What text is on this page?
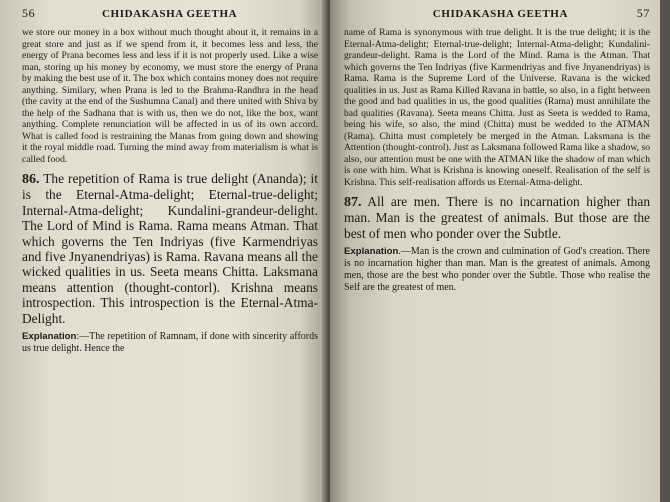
56	CHIDAKASHA GEETHA

we store our money in a box without much thought about it, it remains in a great store and just as if we spend from it, it becomes less and less, the energy of Prana becomes less and less if it is not properly used. Like a wise man, storing up his money by economy, we must store the energy of Prana by making the best use of it. The box which contains money does not require anything. Similary, when Prana is led to the Brahma-Randhra in the head (the cavity at the end of the Sushumna Canal) and there united with Shiva by the help of the Sadhana that is with us, then we do not, like the box, want anything. Complete renunciation will be affected in us of its own accord. What is called food is restraining the Manas from going down and showing it the royal middle road. Turning the mind away from materialism is what is called food.

86. The repetition of Rama is true delight (Ananda); it is the Eternal-Atma-delight; Eternal-true-delight; Internal-Atma-delight; Kundalini-grandeur-delight. The Lord of Mind is Rama. Rama means Atman. That which governs the Ten Indriyas (five Karmendriyas and five Jnyanendriyas) is Rama. Ravana means all the wicked qualities in us. Seeta means Chitta. Laksmana means attention (thought-contorl). Krishna means introspection. This introspection is the Eternal-Atma-Delight.

Explanation:—The repetition of Ramnam, if done with sincerity affords us true delight. Hence the

CHIDAKASHA GEETHA	57

name of Rama is synonymous with true delight. It is the true delight; it is the Eternal-Atma-delight; Eternal-true-delight; Internal-Atma-delight; Kundalini-grandeur-delight. Rama is the Lord of the Mind. Rama is the Atman. That which governs the Ten Indriyas (five Karmendriyas and five Jnyanendriyas) is Rama. Rama is the Supreme Lord of the Universe. Ravana is the wicked qualities in us. Just as Rama Killed Ravana in battle, so also, in a fight between the good and bad qualities in us, the good qualities (Rama) must annihilate the bad qualities (Ravana). Seeta means Chitta. Just as Seeta is wedded to Rama, being his wife, so also, the mind (Chitta) must be wedded to the ATMAN (Rama). Chitta must completely be merged in the Atman. Laksmana is the Attention (thought-control). Just as Laksmana followed Rama like a shadow, so also, our attention must be one with the ATMAN like the shadow of man which is one with him. What is Krishna is knowing oneself. Realisation of the self is Krishna. This self-realisation affords us Eternal-Atma-delight.

87. All are men. There is no incarnation higher than man. Man is the greatest of animals. But those are the best of men who ponder over the Subtle.

Explanation.—Man is the crown and culmination of God's creation. There is no incarnation higher than man. Man is the greatest of animals. Among men, those are the best who ponder over the Subtle. Those who realise the Self are the greatest of men.
